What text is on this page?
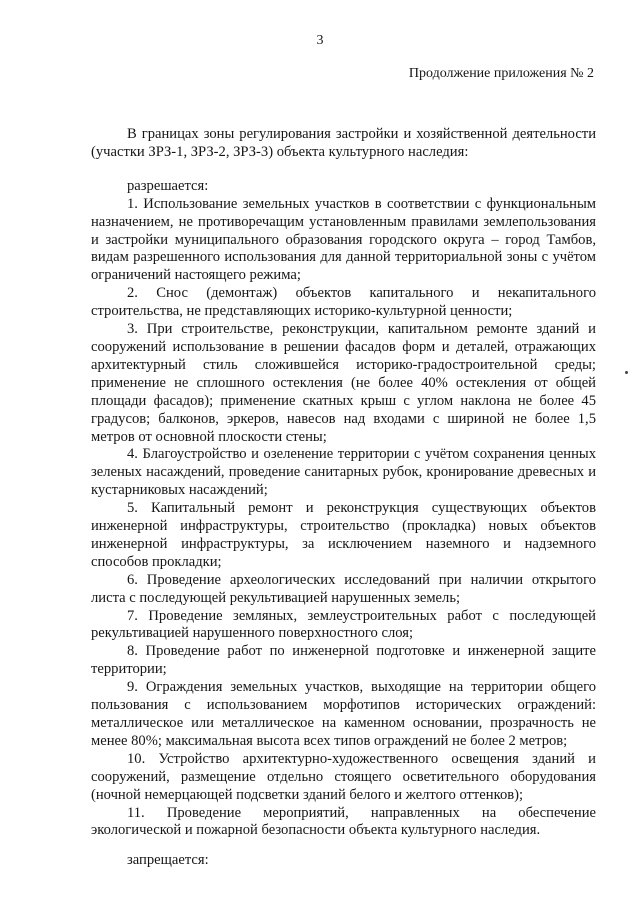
3
Продолжение приложения № 2

В границах зоны регулирования застройки и хозяйственной деятельности (участки ЗРЗ-1, ЗРЗ-2, ЗРЗ-3) объекта культурного наследия:

разрешается:

1. Использование земельных участков в соответствии с функциональным назначением, не противоречащим установленным правилами землепользования и застройки муниципального образования городского округа – город Тамбов, видам разрешенного использования для данной территориальной зоны с учётом ограничений настоящего режима;

2. Снос (демонтаж) объектов капитального и некапитального строительства, не представляющих историко-культурной ценности;

3. При строительстве, реконструкции, капитальном ремонте зданий и сооружений использование в решении фасадов форм и деталей, отражающих архитектурный стиль сложившейся историко-градостроительной среды; применение не сплошного остекления (не более 40% остекления от общей площади фасадов); применение скатных крыш с углом наклона не более 45 градусов; балконов, эркеров, навесов над входами с шириной не более 1,5 метров от основной плоскости стены;

4. Благоустройство и озеленение территории с учётом сохранения ценных зеленых насаждений, проведение санитарных рубок, кронирование древесных и кустарниковых насаждений;

5. Капитальный ремонт и реконструкция существующих объектов инженерной инфраструктуры, строительство (прокладка) новых объектов инженерной инфраструктуры, за исключением наземного и надземного способов прокладки;

6. Проведение археологических исследований при наличии открытого листа с последующей рекультивацией нарушенных земель;

7. Проведение земляных, землеустроительных работ с последующей рекультивацией нарушенного поверхностного слоя;

8. Проведение работ по инженерной подготовке и инженерной защите территории;

9. Ограждения земельных участков, выходящие на территории общего пользования с использованием морфотипов исторических ограждений: металлическое или металлическое на каменном основании, прозрачность не менее 80%; максимальная высота всех типов ограждений не более 2 метров;

10. Устройство архитектурно-художественного освещения зданий и сооружений, размещение отдельно стоящего осветительного оборудования (ночной немерцающей подсветки зданий белого и желтого оттенков);

11. Проведение мероприятий, направленных на обеспечение экологической и пожарной безопасности объекта культурного наследия.

запрещается:
